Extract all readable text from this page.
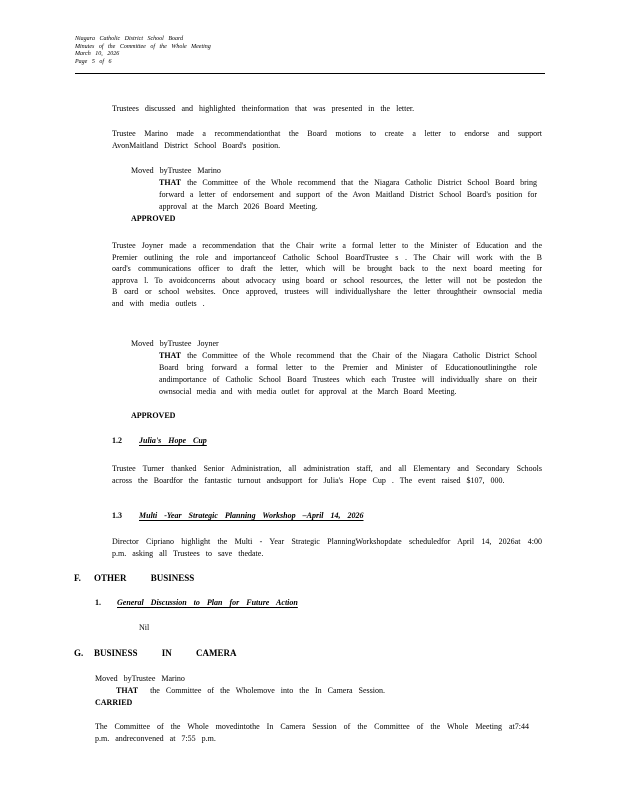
Niagara Catholic District School Board
Minutes of the Committee of the Whole Meeting
March 10, 2026
Page 5 of 6
Trustees discussed and highlighted theinformation that was presented in the letter.
Trustee Marino made a recommendationthat the Board motions to create a letter to endorse and support AvonMaitland District School Board's position.
Moved byTrustee Marino
THAT the Committee of the Whole recommend that the Niagara Catholic District School Board bring forward a letter of endorsement and support of the Avon Maitland District School Board's position for approval at the March 2026 Board Meeting.
APPROVED
Trustee Joyner made a recommendation that the Chair write a formal letter to the Minister of Education and the Premier outlining the role and importanceof Catholic School BoardTrustee s . The Chair will work with the B oard's communications officer to draft the letter, which will be brought back to the next board meeting for approva l. To avoidconcerns about advocacy using board or school resources, the letter will not be postedon the B oard or school websites. Once approved, trustees will individuallyshare the letter throughtheir ownsocial media and with media outlets .
Moved byTrustee Joyner
THAT the Committee of the Whole recommend that the Chair of the Niagara Catholic District School Board bring forward a formal letter to the Premier and Minister of Educationoutliningthe role andimportance of Catholic School Board Trustees which each Trustee will individually share on their ownsocial media and with media outlet for approval at the March Board Meeting.
APPROVED
1.2 Julia's Hope Cup
Trustee Turner thanked Senior Administration, all administration staff, and all Elementary and Secondary Schools across the Boardfor the fantastic turnout andsupport for Julia's Hope Cup . The event raised $107, 000.
1.3 Multi -Year Strategic Planning Workshop –April 14, 2026
Director Cipriano highlight the Multi - Year Strategic PlanningWorkshopdate scheduledfor April 14, 2026at 4:00 p.m. asking all Trustees to save thedate.
F. OTHER BUSINESS
1. General Discussion to Plan for Future Action
Nil
G. BUSINESS IN CAMERA
Moved byTrustee Marino
THAT the Committee of the Wholemove into the In Camera Session.
CARRIED
The Committee of the Whole movedintothe In Camera Session of the Committee of the Whole Meeting at7:44 p.m. andreconvened at 7:55 p.m.
